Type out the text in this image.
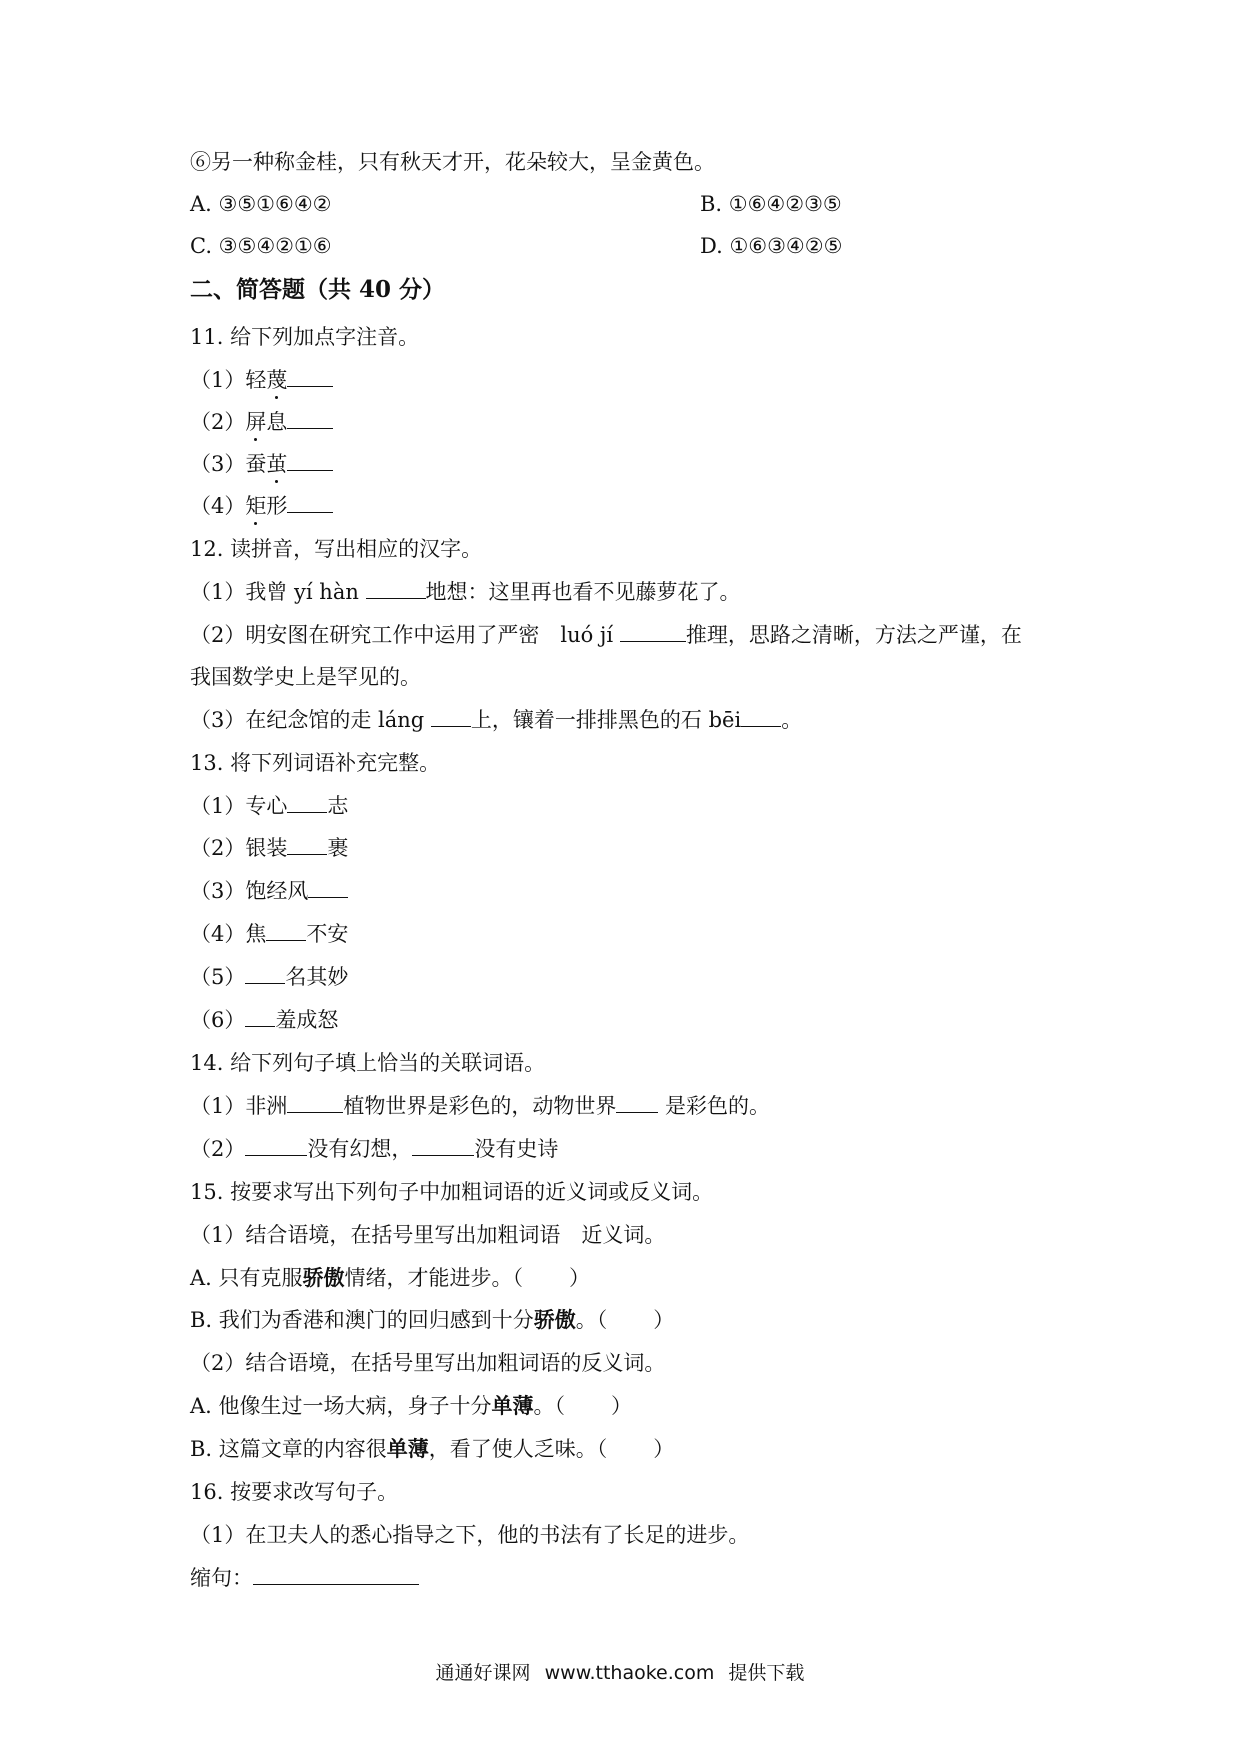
⑥另一种称金桂，只有秋天才开，花朵较大，呈金黄色。
A. ③⑤①⑥④②	B. ①⑥④②③⑤
C. ③⑤④②①⑥	D. ①⑥③④②⑤
二、简答题（共 40 分）
11. 给下列加点字注音。
（1）轻蔑
（2）屏息
（3）蚕茧
（4）矩形
12. 读拼音，写出相应的汉字。
（1）我曾 yí hàn	地想：这里再也看不见藤萝花了。
（2）明安图在研究工作中运用了严密　luó jí	推理，思路之清晰，方法之严谨，在
我国数学史上是罕见的。
（3）在纪念馆的走 láng 上，镶着一排排黑色的石 bēi 。
13. 将下列词语补充完整。
（1）专心 志
（2）银装 裹
（3）饱经风
（4）焦 不安
（5） 名其妙
（6） 羞成怒
14. 给下列句子填上恰当的关联词语。
（1）非洲	植物世界是彩色的，动物世界 是彩色的。
（2）	没有幻想，	没有史诗
15. 按要求写出下列句子中加粗词语的近义词或反义词。
（1）结合语境，在括号里写出加粗词语　近义词。
A. 只有克服骄傲情绪，才能进步。（ ）
B. 我们为香港和澳门的回归感到十分骄傲。（ ）
（2）结合语境，在括号里写出加粗词语的反义词。
A. 他像生过一场大病，身子十分单薄。（ ）
B. 这篇文章的内容很单薄，看了使人乏味。（ ）
16. 按要求改写句子。
（1）在卫夫人的悉心指导之下，他的书法有了长足的进步。
缩句：
通通好课网 www.tthaoke.com 提供下载
